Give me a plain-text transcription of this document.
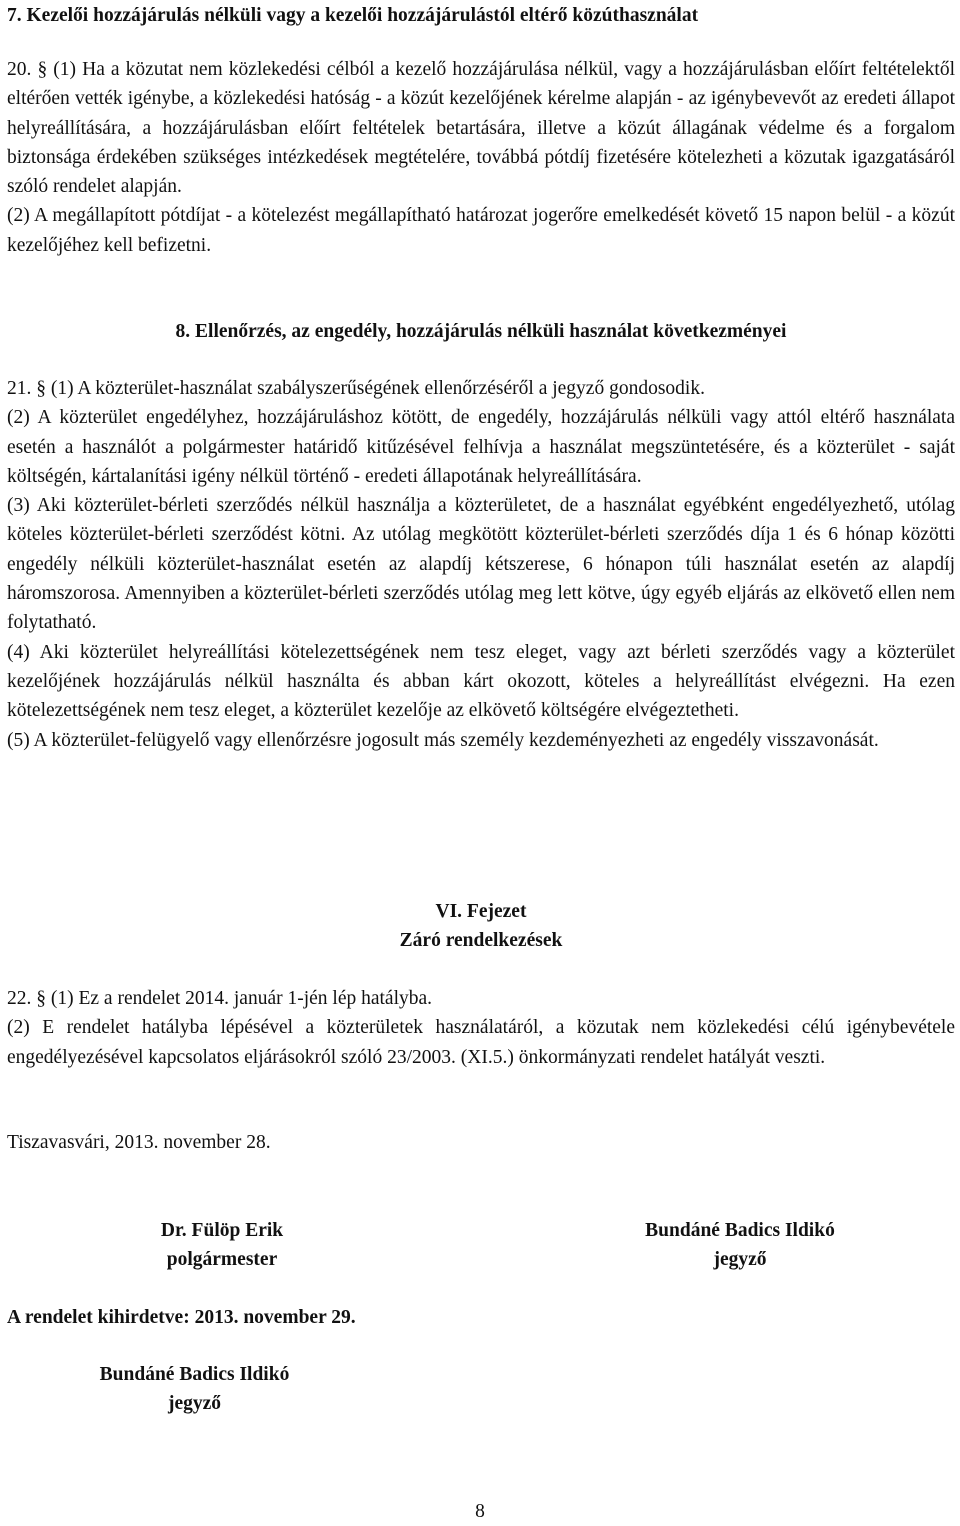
7. Kezelői hozzájárulás nélküli vagy a kezelői hozzájárulástól eltérő közúthasználat

20. § (1) Ha a közutat nem közlekedési célból a kezelő hozzájárulása nélkül, vagy a hozzájárulásban előírt feltételektől eltérően vették igénybe, a közlekedési hatóság - a közút kezelőjének kérelme alapján - az igénybevevőt az eredeti állapot helyreállítására, a hozzájárulásban előírt feltételek betartására, illetve a közút állagának védelme és a forgalom biztonsága érdekében szükséges intézkedések megtételére, továbbá pótdíj fizetésére kötelezheti a közutak igazgatásáról szóló rendelet alapján.

(2) A megállapított pótdíjat - a kötelezést megállapítható határozat jogerőre emelkedését követő 15 napon belül - a közút kezelőjéhez kell befizetni.

8. Ellenőrzés, az engedély, hozzájárulás nélküli használat következményei

21. § (1) A közterület-használat szabályszerűségének ellenőrzéséről a jegyző gondosodik.

(2) A közterület engedélyhez, hozzájáruláshoz kötött, de engedély, hozzájárulás nélküli vagy attól eltérő használata esetén a használót a polgármester határidő kitűzésével felhívja a használat megszüntetésére, és a közterület - saját költségén, kártalanítási igény nélkül történő - eredeti állapotának helyreállítására.

(3) Aki közterület-bérleti szerződés nélkül használja a közterületet, de a használat egyébként engedélyezhető, utólag köteles közterület-bérleti szerződést kötni. Az utólag megkötött közterület-bérleti szerződés díja 1 és 6 hónap közötti engedély nélküli közterület-használat esetén az alapdíj kétszerese, 6 hónapon túli használat esetén az alapdíj háromszorosa. Amennyiben a közterület-bérleti szerződés utólag meg lett kötve, úgy egyéb eljárás az elkövető ellen nem folytatható.

(4) Aki közterület helyreállítási kötelezettségének nem tesz eleget, vagy azt bérleti szerződés vagy a közterület kezelőjének hozzájárulás nélkül használta és abban kárt okozott, köteles a helyreállítást elvégezni. Ha ezen kötelezettségének nem tesz eleget, a közterület kezelője az elkövető költségére elvégeztetheti.

(5) A közterület-felügyelő vagy ellenőrzésre jogosult más személy kezdeményezheti az engedély visszavonását.

VI. Fejezet

Záró rendelkezések

22. § (1) Ez a rendelet 2014. január 1-jén lép hatályba.

(2) E rendelet hatályba lépésével a közterületek használatáról, a közutak nem közlekedési célú igénybevétele engedélyezésével kapcsolatos eljárásokról szóló 23/2003. (XI.5.) önkormányzati rendelet hatályát veszti.

Tiszavasvári, 2013. november 28.

Dr. Fülöp Erik
polgármester
Bundáné Badics Ildikó
jegyző

A rendelet kihirdetve: 2013. november 29.

Bundáné Badics Ildikó
jegyző
8
